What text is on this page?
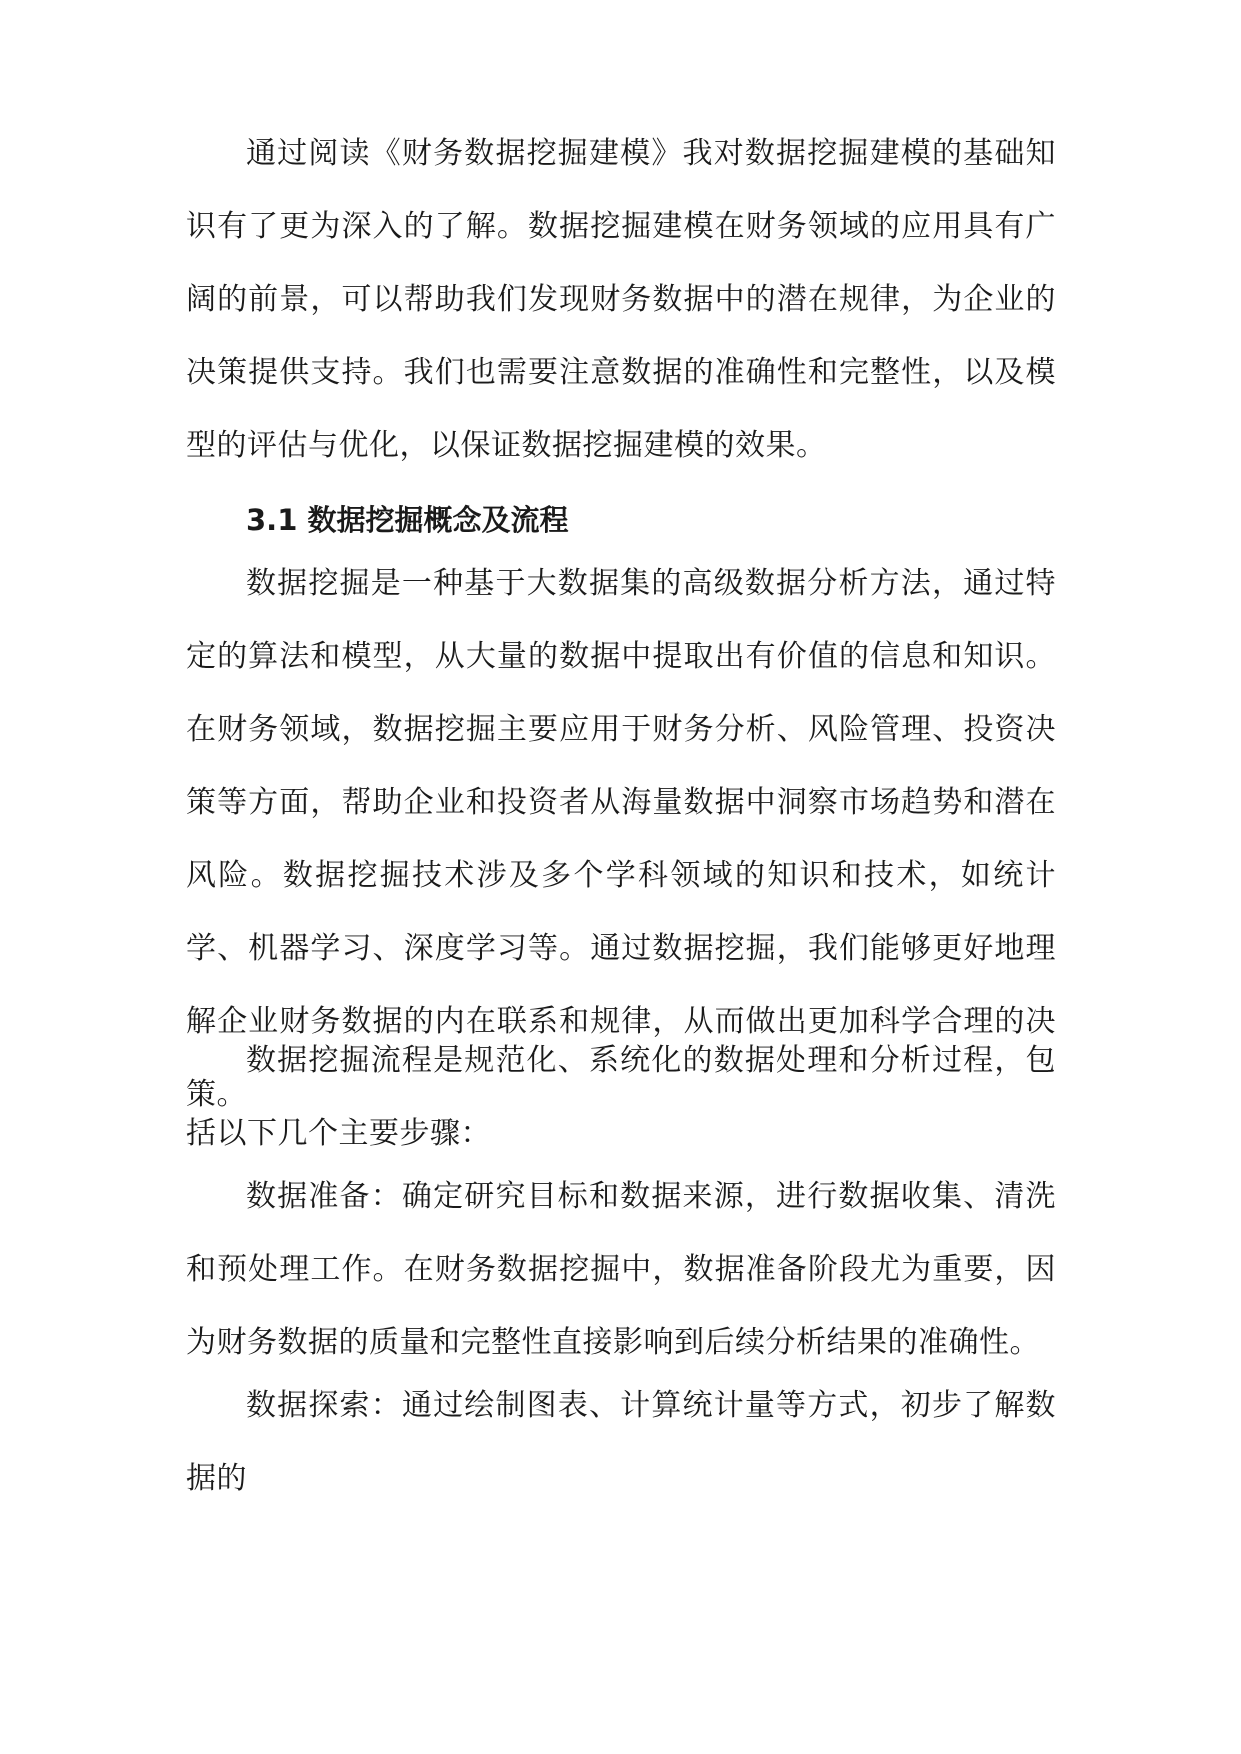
通过阅读《财务数据挖掘建模》我对数据挖掘建模的基础知识有了更为深入的了解。数据挖掘建模在财务领域的应用具有广阔的前景，可以帮助我们发现财务数据中的潜在规律，为企业的决策提供支持。我们也需要注意数据的准确性和完整性，以及模型的评估与优化，以保证数据挖掘建模的效果。

3.1 数据挖掘概念及流程

数据挖掘是一种基于大数据集的高级数据分析方法，通过特定的算法和模型，从大量的数据中提取出有价值的信息和知识。在财务领域，数据挖掘主要应用于财务分析、风险管理、投资决策等方面，帮助企业和投资者从海量数据中洞察市场趋势和潜在风险。数据挖掘技术涉及多个学科领域的知识和技术，如统计学、机器学习、深度学习等。通过数据挖掘，我们能够更好地理解企业财务数据的内在联系和规律，从而做出更加科学合理的决策。

数据挖掘流程是规范化、系统化的数据处理和分析过程，包括以下几个主要步骤：

数据准备：确定研究目标和数据来源，进行数据收集、清洗和预处理工作。在财务数据挖掘中，数据准备阶段尤为重要，因为财务数据的质量和完整性直接影响到后续分析结果的准确性。

数据探索：通过绘制图表、计算统计量等方式，初步了解数据的
